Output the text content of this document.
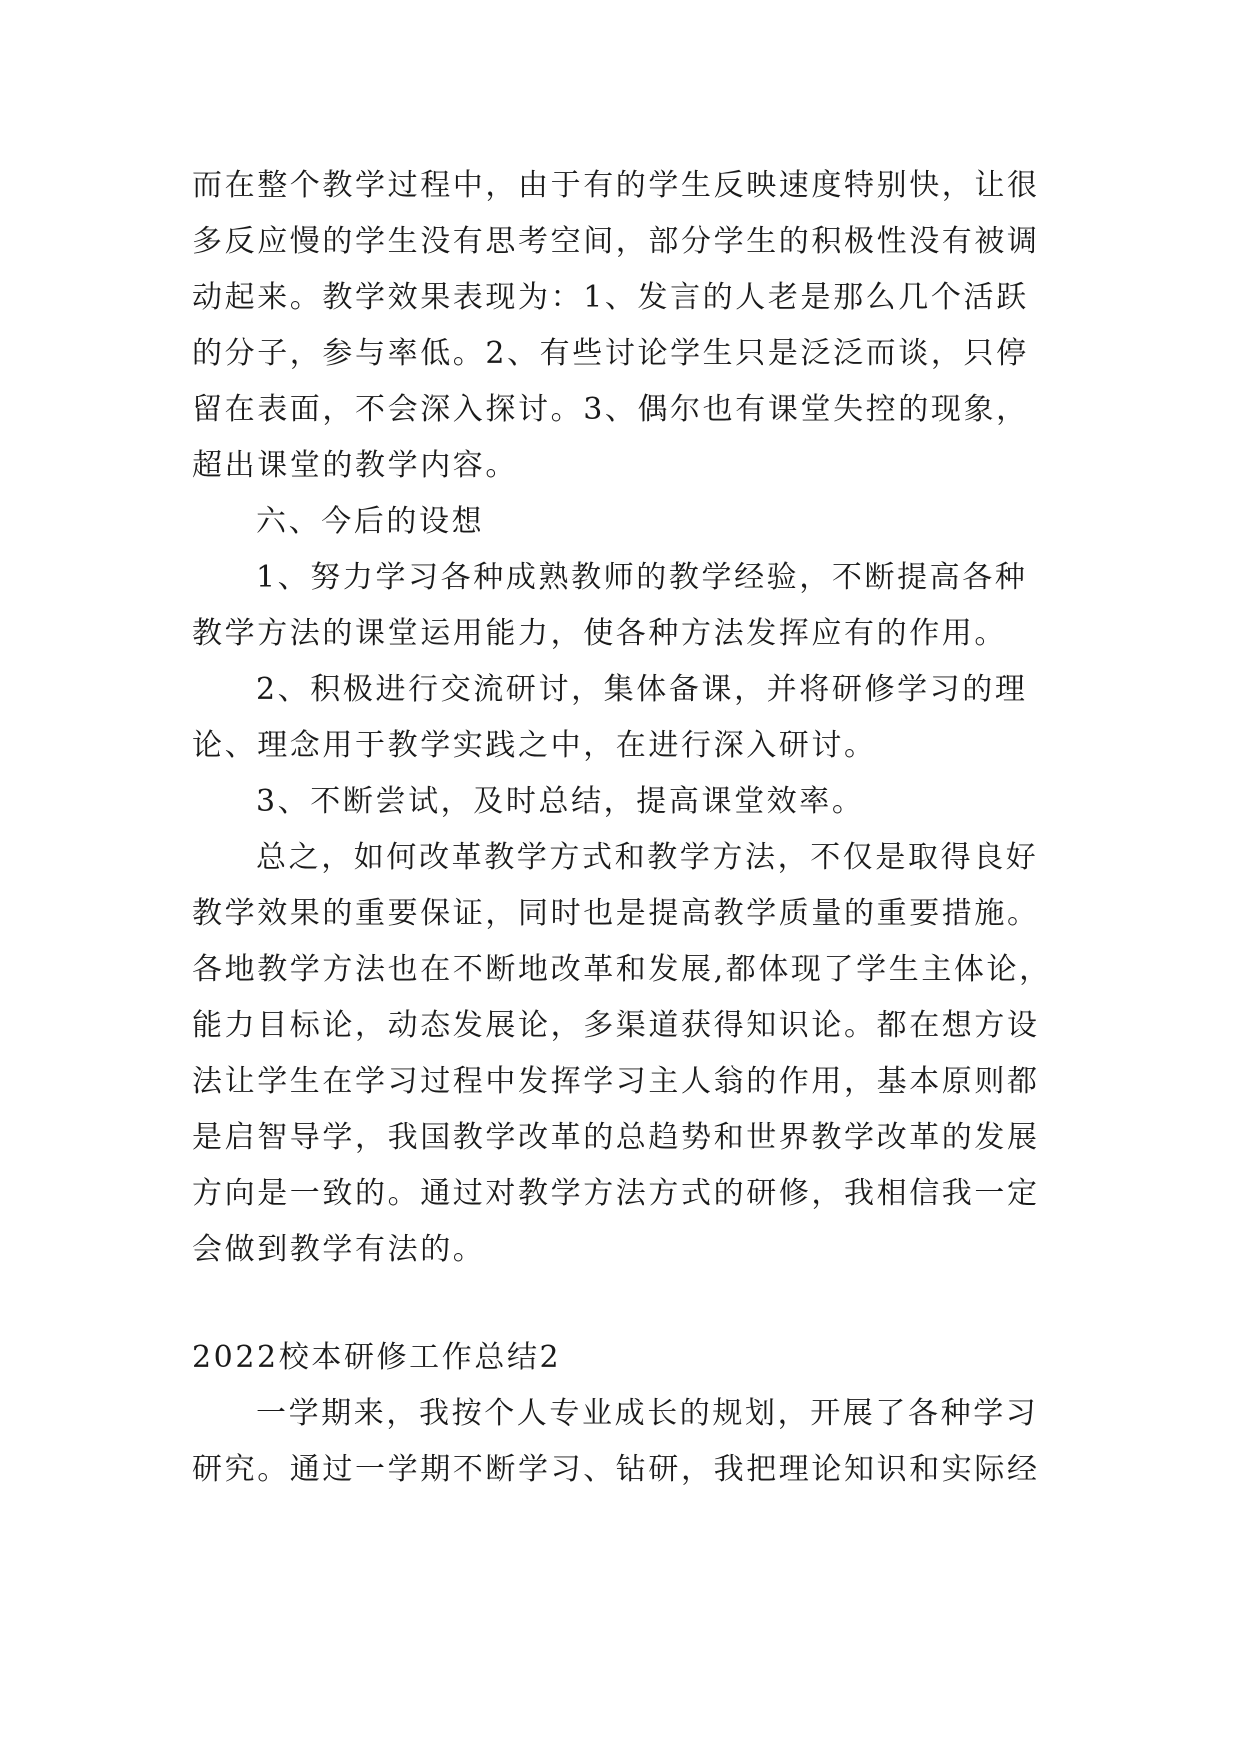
而在整个教学过程中，由于有的学生反映速度特别快，让很
多反应慢的学生没有思考空间，部分学生的积极性没有被调
动起来。教学效果表现为：1、发言的人老是那么几个活跃
的分子，参与率低。2、有些讨论学生只是泛泛而谈，只停
留在表面，不会深入探讨。3、偶尔也有课堂失控的现象，
超出课堂的教学内容。
六、今后的设想
1、努力学习各种成熟教师的教学经验，不断提高各种
教学方法的课堂运用能力，使各种方法发挥应有的作用。
2、积极进行交流研讨，集体备课，并将研修学习的理
论、理念用于教学实践之中，在进行深入研讨。
3、不断尝试，及时总结，提高课堂效率。
总之，如何改革教学方式和教学方法，不仅是取得良好
教学效果的重要保证，同时也是提高教学质量的重要措施。
各地教学方法也在不断地改革和发展,都体现了学生主体论，
能力目标论，动态发展论，多渠道获得知识论。都在想方设
法让学生在学习过程中发挥学习主人翁的作用，基本原则都
是启智导学，我国教学改革的总趋势和世界教学改革的发展
方向是一致的。通过对教学方法方式的研修，我相信我一定
会做到教学有法的。
2022校本研修工作总结2
一学期来，我按个人专业成长的规划，开展了各种学习
研究。通过一学期不断学习、钻研，我把理论知识和实际经
